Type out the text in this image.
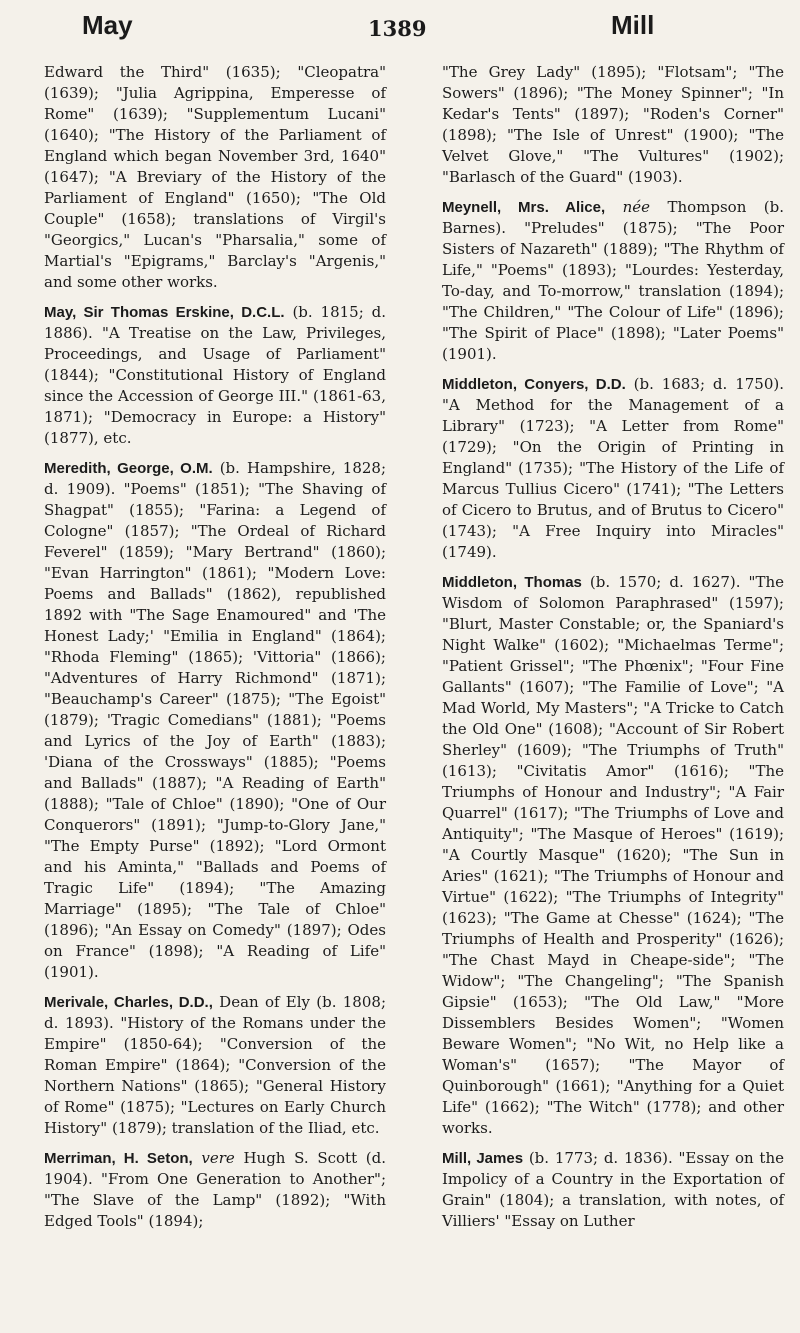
May	1389	Mill

Edward the Third" (1635); "Cleopatra" (1639); "Julia Agrippina, Emperesse of Rome" (1639); "Supplementum Lucani" (1640); "The History of the Parliament of England which began November 3rd, 1640" (1647); "A Breviary of the History of the Parliament of England" (1650); "The Old Couple" (1658); translations of Virgil's "Georgics," Lucan's "Pharsalia," some of Martial's "Epigrams," Barclay's "Argenis," and some other works.

May, Sir Thomas Erskine, D.C.L. (b. 1815; d. 1886). "A Treatise on the Law, Privileges, Proceedings, and Usage of Parliament" (1844); "Constitutional History of England since the Accession of George III." (1861-63, 1871); "Democracy in Europe: a History" (1877), etc.

Meredith, George, O.M. (b. Hampshire, 1828; d. 1909). "Poems" (1851); "The Shaving of Shagpat" (1855); "Farina: a Legend of Cologne" (1857); "The Ordeal of Richard Feverel" (1859); "Mary Bertrand" (1860); "Evan Harrington" (1861); "Modern Love: Poems and Ballads" (1862), republished 1892 with "The Sage Enamoured" and 'The Honest Lady;' "Emilia in England" (1864); "Rhoda Fleming" (1865); 'Vittoria" (1866); "Adventures of Harry Richmond" (1871); "Beauchamp's Career" (1875); "The Egoist" (1879); 'Tragic Comedians" (1881); "Poems and Lyrics of the Joy of Earth" (1883); 'Diana of the Crossways" (1885); "Poems and Ballads" (1887); "A Reading of Earth" (1888); "Tale of Chloe" (1890); "One of Our Conquerors" (1891); "Jump-to-Glory Jane," "The Empty Purse" (1892); "Lord Ormont and his Aminta," "Ballads and Poems of Tragic Life" (1894); "The Amazing Marriage" (1895); "The Tale of Chloe" (1896); "An Essay on Comedy" (1897); Odes on France" (1898); "A Reading of Life" (1901).

Merivale, Charles, D.D., Dean of Ely (b. 1808; d. 1893). "History of the Romans under the Empire" (1850-64); "Conversion of the Roman Empire" (1864); "Conversion of the Northern Nations" (1865); "General History of Rome" (1875); "Lectures on Early Church History" (1879); translation of the Iliad, etc.

Merriman, H. Seton, vere Hugh S. Scott (d. 1904). "From One Generation to Another"; "The Slave of the Lamp" (1892); "With Edged Tools" (1894);

"The Grey Lady" (1895); "Flotsam"; "The Sowers" (1896); "The Money Spinner"; "In Kedar's Tents" (1897); "Roden's Corner" (1898); "The Isle of Unrest" (1900); "The Velvet Glove," "The Vultures" (1902); "Barlasch of the Guard" (1903).

Meynell, Mrs. Alice, née Thompson (b. Barnes). "Preludes" (1875); "The Poor Sisters of Nazareth" (1889); "The Rhythm of Life," "Poems" (1893); "Lourdes: Yesterday, To-day, and To-morrow," translation (1894); "The Children," "The Colour of Life" (1896); "The Spirit of Place" (1898); "Later Poems" (1901).

Middleton, Conyers, D.D. (b. 1683; d. 1750). "A Method for the Management of a Library" (1723); "A Letter from Rome" (1729); "On the Origin of Printing in England" (1735); "The History of the Life of Marcus Tullius Cicero" (1741); "The Letters of Cicero to Brutus, and of Brutus to Cicero" (1743); "A Free Inquiry into Miracles" (1749).

Middleton, Thomas (b. 1570; d. 1627). "The Wisdom of Solomon Paraphrased" (1597); "Blurt, Master Constable; or, the Spaniard's Night Walke" (1602); "Michaelmas Terme"; "Patient Grissel"; "The Phœnix"; "Four Fine Gallants" (1607); "The Familie of Love"; "A Mad World, My Masters"; "A Tricke to Catch the Old One" (1608); "Account of Sir Robert Sherley" (1609); "The Triumphs of Truth" (1613); "Civitatis Amor" (1616); "The Triumphs of Honour and Industry"; "A Fair Quarrel" (1617); "The Triumphs of Love and Antiquity"; "The Masque of Heroes" (1619); "A Courtly Masque" (1620); "The Sun in Aries" (1621); "The Triumphs of Honour and Virtue" (1622); "The Triumphs of Integrity" (1623); "The Game at Chesse" (1624); "The Triumphs of Health and Prosperity" (1626); "The Chast Mayd in Cheape-side"; "The Widow"; "The Changeling"; "The Spanish Gipsie" (1653); "The Old Law," "More Dissemblers Besides Women"; "Women Beware Women"; "No Wit, no Help like a Woman's" (1657); "The Mayor of Quinborough" (1661); "Anything for a Quiet Life" (1662); "The Witch" (1778); and other works.

Mill, James (b. 1773; d. 1836). "Essay on the Impolicy of a Country in the Exportation of Grain" (1804); a translation, with notes, of Villiers' "Essay on Luther
